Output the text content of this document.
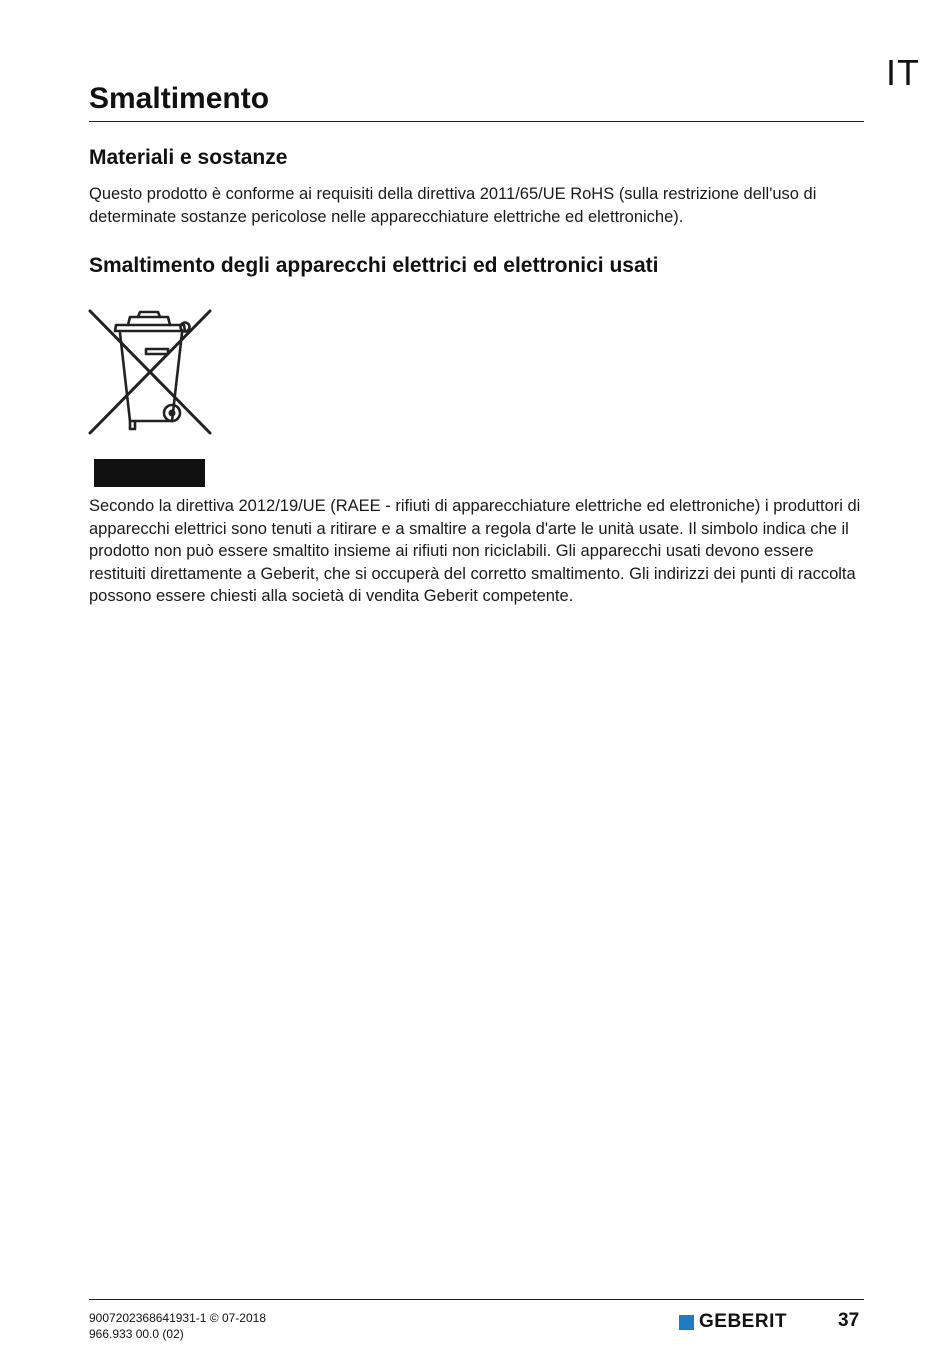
IT
Smaltimento
Materiali e sostanze

Questo prodotto è conforme ai requisiti della direttiva 2011/65/UE RoHS (sulla restrizione dell'uso di determinate sostanze pericolose nelle apparecchiature elettriche ed elettroniche).

Smaltimento degli apparecchi elettrici ed elettronici usati

Secondo la direttiva 2012/19/UE (RAEE - rifiuti di apparecchiature elettriche ed elettroniche) i produttori di apparecchi elettrici sono tenuti a ritirare e a smaltire a regola d'arte le unità usate. Il simbolo indica che il prodotto non può essere smaltito insieme ai rifiuti non riciclabili. Gli apparecchi usati devono essere restituiti direttamente a Geberit, che si occuperà del corretto smaltimento. Gli indirizzi dei punti di raccolta possono essere chiesti alla società di vendita Geberit competente.

9007202368641931-1 © 07-2018
966.933 00.0 (02)
GEBERIT	37
